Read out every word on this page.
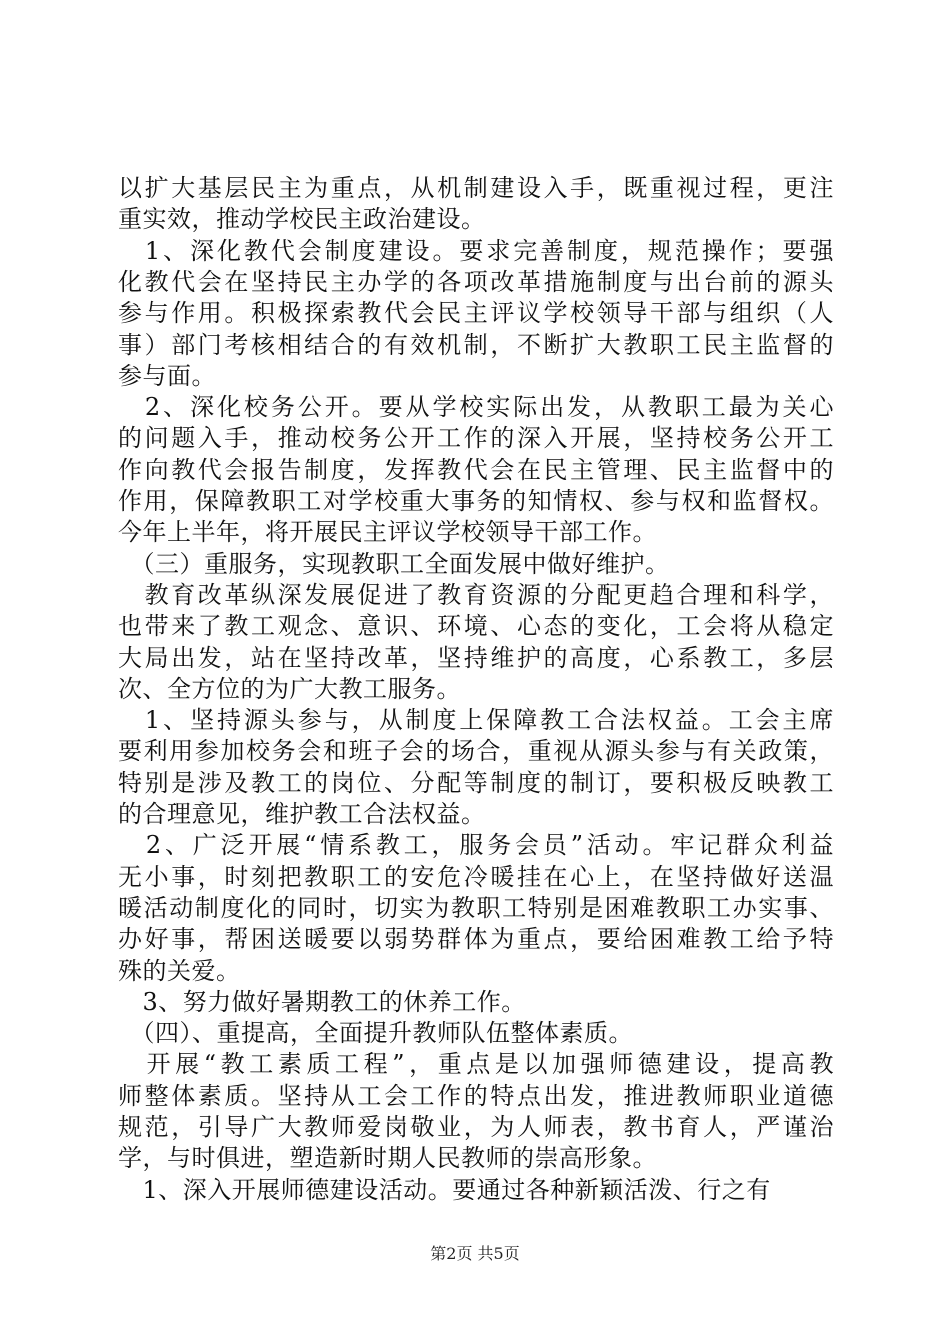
以扩大基层民主为重点，从机制建设入手，既重视过程，更注
重实效，推动学校民主政治建设。
　1、深化教代会制度建设。要求完善制度，规范操作；要强
化教代会在坚持民主办学的各项改革措施制度与出台前的源头
参与作用。积极探索教代会民主评议学校领导干部与组织（人
事）部门考核相结合的有效机制，不断扩大教职工民主监督的
参与面。
　2、深化校务公开。要从学校实际出发，从教职工最为关心
的问题入手，推动校务公开工作的深入开展，坚持校务公开工
作向教代会报告制度，发挥教代会在民主管理、民主监督中的
作用，保障教职工对学校重大事务的知情权、参与权和监督权。
今年上半年，将开展民主评议学校领导干部工作。
　（三）重服务，实现教职工全面发展中做好维护。
　教育改革纵深发展促进了教育资源的分配更趋合理和科学，
也带来了教工观念、意识、环境、心态的变化，工会将从稳定
大局出发，站在坚持改革，坚持维护的高度，心系教工，多层
次、全方位的为广大教工服务。
　1、坚持源头参与，从制度上保障教工合法权益。工会主席
要利用参加校务会和班子会的场合，重视从源头参与有关政策，
特别是涉及教工的岗位、分配等制度的制订，要积极反映教工
的合理意见，维护教工合法权益。
　2、广泛开展“情系教工，服务会员”活动。牢记群众利益
无小事，时刻把教职工的安危冷暖挂在心上，在坚持做好送温
暖活动制度化的同时，切实为教职工特别是困难教职工办实事、
办好事，帮困送暖要以弱势群体为重点，要给困难教工给予特
殊的关爱。
　3、努力做好暑期教工的休养工作。
　（四）、重提高，全面提升教师队伍整体素质。
　开展“教工素质工程”，重点是以加强师德建设，提高教
师整体素质。坚持从工会工作的特点出发，推进教师职业道德
规范，引导广大教师爱岗敬业，为人师表，教书育人，严谨治
学，与时俱进，塑造新时期人民教师的崇高形象。
　1、深入开展师德建设活动。要通过各种新颖活泼、行之有
第2页 共5页
